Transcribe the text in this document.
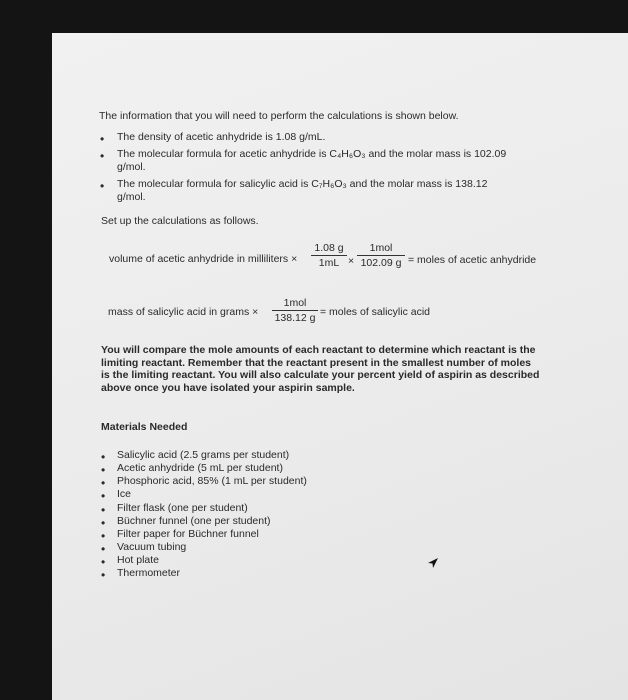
The information that you will need to perform the calculations is shown below.
• The density of acetic anhydride is 1.08 g/mL.
• The molecular formula for acetic anhydride is C₄H₆O₃ and the molar mass is 102.09
g/mol.
• The molecular formula for salicylic acid is C₇H₆O₃ and the molar mass is 138.12
g/mol.
Set up the calculations as follows.
volume of acetic anhydride in milliliters ×
1.08 g
1mL ×
1mol
102.09 g = moles of acetic anhydride
mass of salicylic acid in grams ×
1mol
138.12 g = moles of salicylic acid
You will compare the mole amounts of each reactant to determine which reactant is the
limiting reactant. Remember that the reactant present in the smallest number of moles
is the limiting reactant. You will also calculate your percent yield of aspirin as described
above once you have isolated your aspirin sample.
Materials Needed
• Salicylic acid (2.5 grams per student)
• Acetic anhydride (5 mL per student)
• Phosphoric acid, 85% (1 mL per student)
• Ice
• Filter flask (one per student)
• Büchner funnel (one per student)
• Filter paper for Büchner funnel
• Vacuum tubing
• Hot plate
• Thermometer
